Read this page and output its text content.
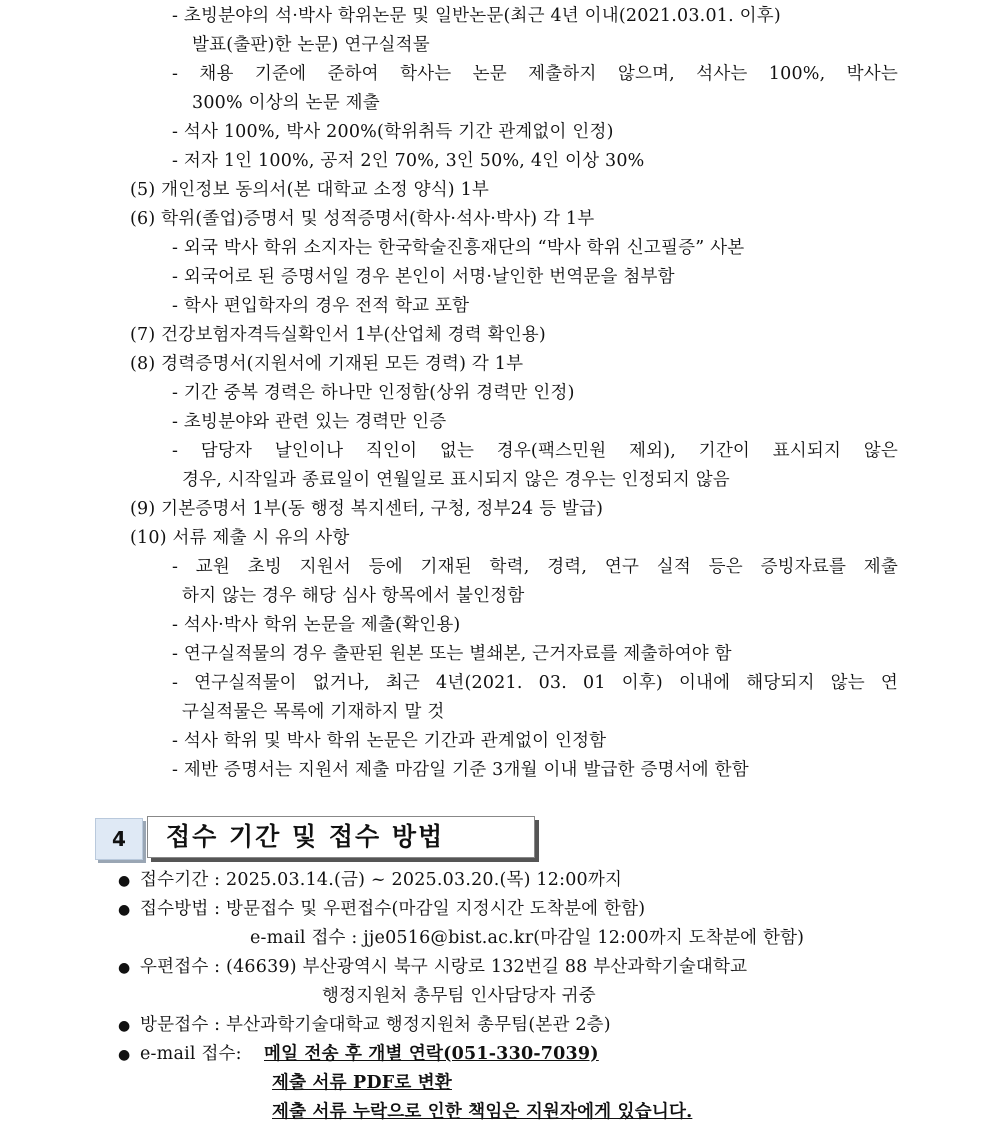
- 초빙분야의 석·박사 학위논문 및 일반논문(최근 4년 이내(2021.03.01. 이후)
발표(출판)한 논문) 연구실적물
- 채용 기준에 준하여 학사는 논문 제출하지 않으며, 석사는 100%, 박사는
300% 이상의 논문 제출
- 석사 100%, 박사 200%(학위취득 기간 관계없이 인정)
- 저자 1인 100%, 공저 2인 70%, 3인 50%, 4인 이상 30%
(5) 개인정보 동의서(본 대학교 소정 양식) 1부
(6) 학위(졸업)증명서 및 성적증명서(학사·석사·박사) 각 1부
- 외국 박사 학위 소지자는 한국학술진흥재단의 “박사 학위 신고필증” 사본
- 외국어로 된 증명서일 경우 본인이 서명·날인한 번역문을 첨부함
- 학사 편입학자의 경우 전적 학교 포함
(7) 건강보험자격득실확인서 1부(산업체 경력 확인용)
(8) 경력증명서(지원서에 기재된 모든 경력) 각 1부
- 기간 중복 경력은 하나만 인정함(상위 경력만 인정)
- 초빙분야와 관련 있는 경력만 인증
- 담당자 날인이나 직인이 없는 경우(팩스민원 제외), 기간이 표시되지 않은
경우, 시작일과 종료일이 연월일로 표시되지 않은 경우는 인정되지 않음
(9) 기본증명서 1부(동 행정 복지센터, 구청, 정부24 등 발급)
(10) 서류 제출 시 유의 사항
- 교원 초빙 지원서 등에 기재된 학력, 경력, 연구 실적 등은 증빙자료를 제출
하지 않는 경우 해당 심사 항목에서 불인정함
- 석사·박사 학위 논문을 제출(확인용)
- 연구실적물의 경우 출판된 원본 또는 별쇄본, 근거자료를 제출하여야 함
- 연구실적물이 없거나, 최근 4년(2021. 03. 01 이후) 이내에 해당되지 않는 연
구실적물은 목록에 기재하지 말 것
- 석사 학위 및 박사 학위 논문은 기간과 관계없이 인정함
- 제반 증명서는 지원서 제출 마감일 기준 3개월 이내 발급한 증명서에 한함
4	접수 기간 및 접수 방법
● 접수기간 : 2025.03.14.(금) ~ 2025.03.20.(목) 12:00까지
● 접수방법 : 방문접수 및 우편접수(마감일 지정시간 도착분에 한함)
e-mail 접수 : jje0516@bist.ac.kr(마감일 12:00까지 도착분에 한함)
● 우편접수 : (46639) 부산광역시 북구 시랑로 132번길 88 부산과학기술대학교
행정지원처 총무팀 인사담당자 귀중
● 방문접수 : 부산과학기술대학교 행정지원처 총무팀(본관 2층)
● e-mail 접수: 메일 전송 후 개별 연락(051-330-7039)
제출 서류 PDF로 변환
제출 서류 누락으로 인한 책임은 지원자에게 있습니다.
